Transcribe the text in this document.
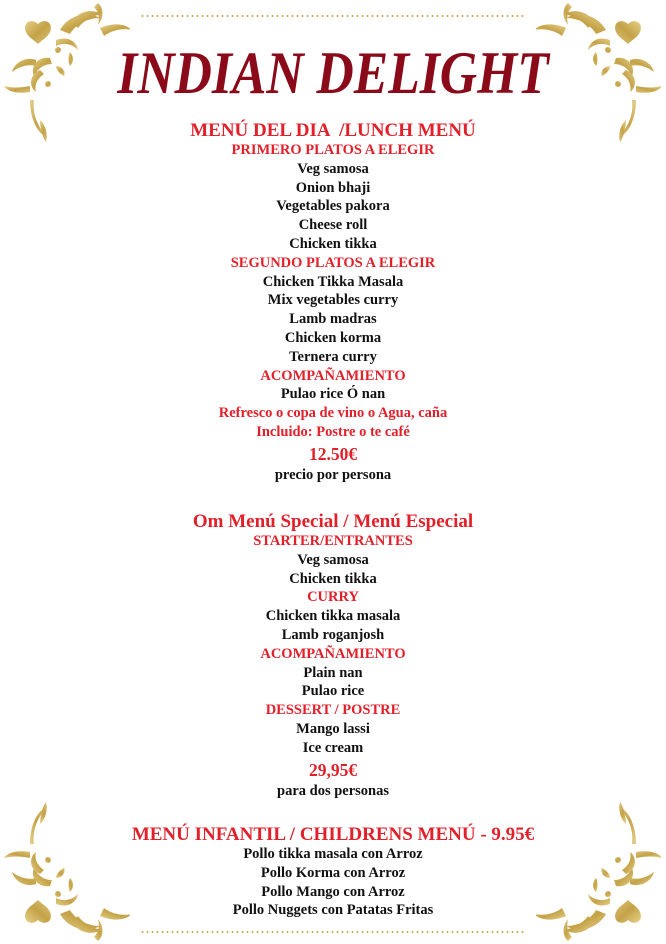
INDIAN DELIGHT
MENÚ DEL DIA  /LUNCH MENÚ
PRIMERO PLATOS A ELEGIR
Veg samosa
Onion bhaji
Vegetables pakora
Cheese roll
Chicken tikka
SEGUNDO PLATOS A ELEGIR
Chicken Tikka Masala
Mix vegetables curry
Lamb madras
Chicken korma
Ternera curry
ACOMPAÑAMIENTO
Pulao rice Ó nan
Refresco o copa de vino o Agua, caña
Incluido: Postre o te café
12.50€
precio por persona
Om Menú Special / Menú Especial
STARTER/ENTRANTES
Veg samosa
Chicken tikka
CURRY
Chicken tikka masala
Lamb roganjosh
ACOMPAÑAMIENTO
Plain nan
Pulao rice
DESSERT / POSTRE
Mango lassi
Ice cream
29,95€
para dos personas
MENÚ INFANTIL / CHILDRENS MENÚ - 9.95€
Pollo tikka masala con Arroz
Pollo Korma con Arroz
Pollo Mango con Arroz
Pollo Nuggets con Patatas Fritas
